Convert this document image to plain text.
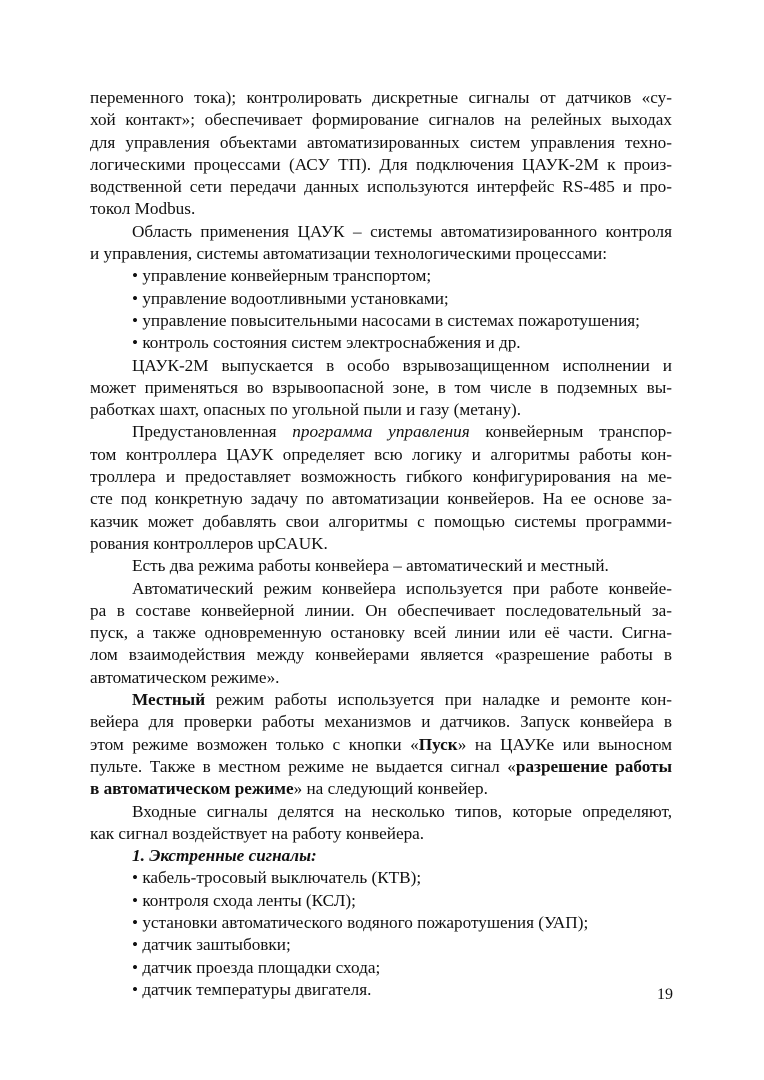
переменного тока); контролировать дискретные сигналы от датчиков «су-
хой контакт»; обеспечивает формирование сигналов на релейных выходах
для управления объектами автоматизированных систем управления техно-
логическими процессами (АСУ ТП). Для подключения ЦАУК-2М к произ-
водственной сети передачи данных используются интерфейс RS-485 и про-
токол Modbus.
Область применения ЦАУК – системы автоматизированного контроля
и управления, системы автоматизации технологическими процессами:
• управление конвейерным транспортом;
• управление водоотливными установками;
• управление повысительными насосами в системах пожаротушения;
• контроль состояния систем электроснабжения и др.
ЦАУК-2М выпускается в особо взрывозащищенном исполнении и
может применяться во взрывоопасной зоне, в том числе в подземных вы-
работках шахт, опасных по угольной пыли и газу (метану).
Предустановленная программа управления конвейерным транспор-
том контроллера ЦАУК определяет всю логику и алгоритмы работы кон-
троллера и предоставляет возможность гибкого конфигурирования на ме-
сте под конкретную задачу по автоматизации конвейеров. На ее основе за-
казчик может добавлять свои алгоритмы с помощью системы программи-
рования контроллеров upCAUK.
Есть два режима работы конвейера – автоматический и местный.
Автоматический режим конвейера используется при работе конвейе-
ра в составе конвейерной линии. Он обеспечивает последовательный за-
пуск, а также одновременную остановку всей линии или её части. Сигна-
лом взаимодействия между конвейерами является «разрешение работы в
автоматическом режиме».
Местный режим работы используется при наладке и ремонте кон-
вейера для проверки работы механизмов и датчиков. Запуск конвейера в
этом режиме возможен только с кнопки «Пуск» на ЦАУКе или выносном
пульте. Также в местном режиме не выдается сигнал «разрешение работы
в автоматическом режиме» на следующий конвейер.
Входные сигналы делятся на несколько типов, которые определяют,
как сигнал воздействует на работу конвейера.
1. Экстренные сигналы:
• кабель-тросовый выключатель (КТВ);
• контроля схода ленты (КСЛ);
• установки автоматического водяного пожаротушения (УАП);
• датчик заштыбовки;
• датчик проезда площадки схода;
• датчик температуры двигателя.	19
